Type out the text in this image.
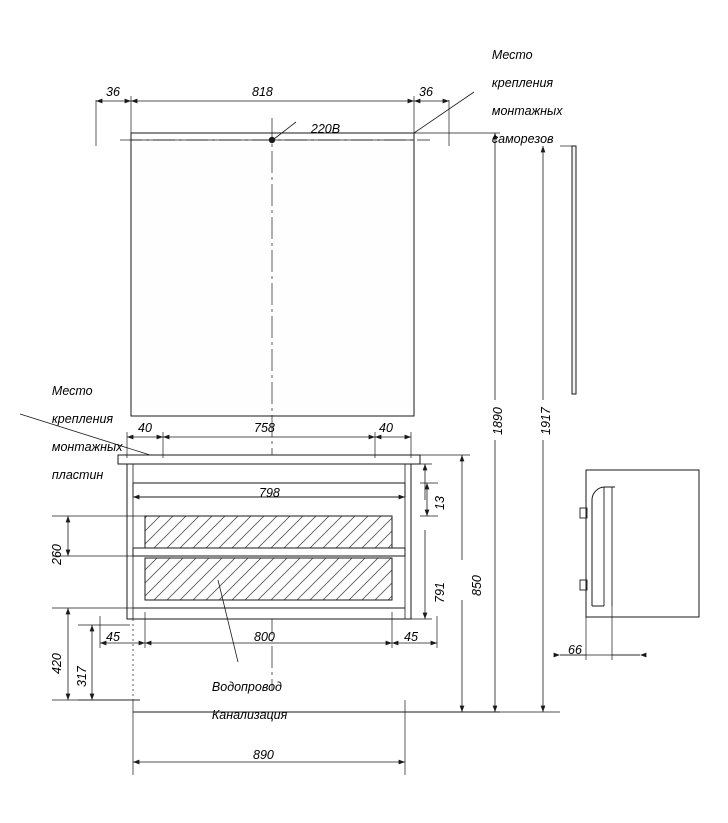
Место

крепления

монтажных

саморезов

Место

крепления

монтажных

пластин

220В

Водопровод

Канализация

36	818	36
40	758	40
798
800
45	45
890
66
1890	1917
850
791
13
260
420
317
